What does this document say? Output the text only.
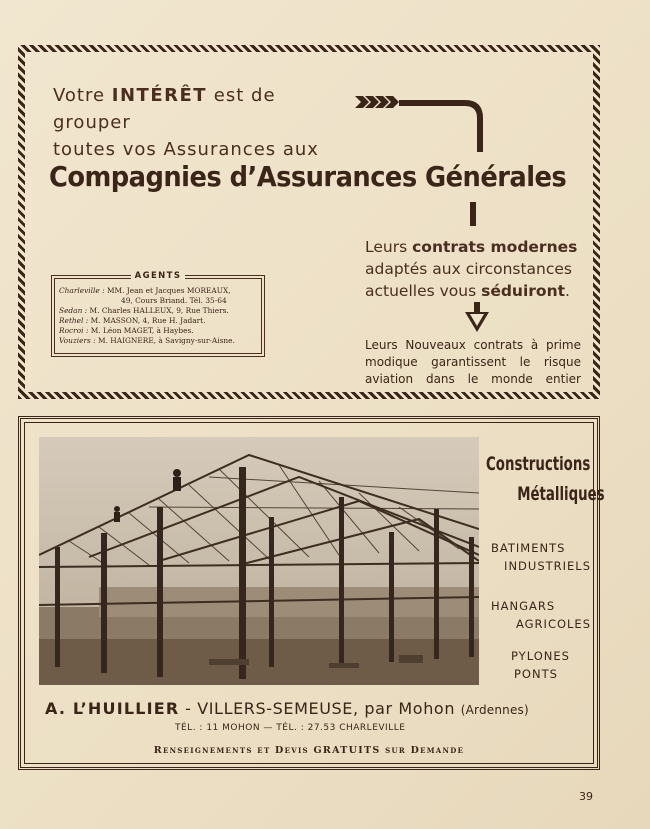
Votre INTÉRÊT est de grouper
toutes vos Assurances aux
Compagnies d’Assurances Générales
Leurs contrats modernes
adaptés aux circonstances
actuelles vous séduiront.
Leurs Nouveaux contrats à prime modique garantissent le risque aviation dans le monde entier
AGENTS
Charleville : MM. Jean et Jacques MOREAUX,
49, Cours Briand. Tél. 35-64
Sedan : M. Charles HALLEUX, 9, Rue Thiers.
Rethel : M. MASSON, 4, Rue H. Jadart.
Rocroi : M. Léon MAGET, à Haybes.
Vouziers : M. HAIGNERE, à Savigny-sur-Aisne.
Constructions
Métalliques
BATIMENTS
INDUSTRIELS
HANGARS
AGRICOLES
PYLONES
PONTS
A. L’HUILLIER - VILLERS-SEMEUSE, par Mohon (Ardennes)
TÉL. : 11 MOHON — TÉL. : 27.53 CHARLEVILLE
Renseignements et Devis GRATUITS sur Demande
39
